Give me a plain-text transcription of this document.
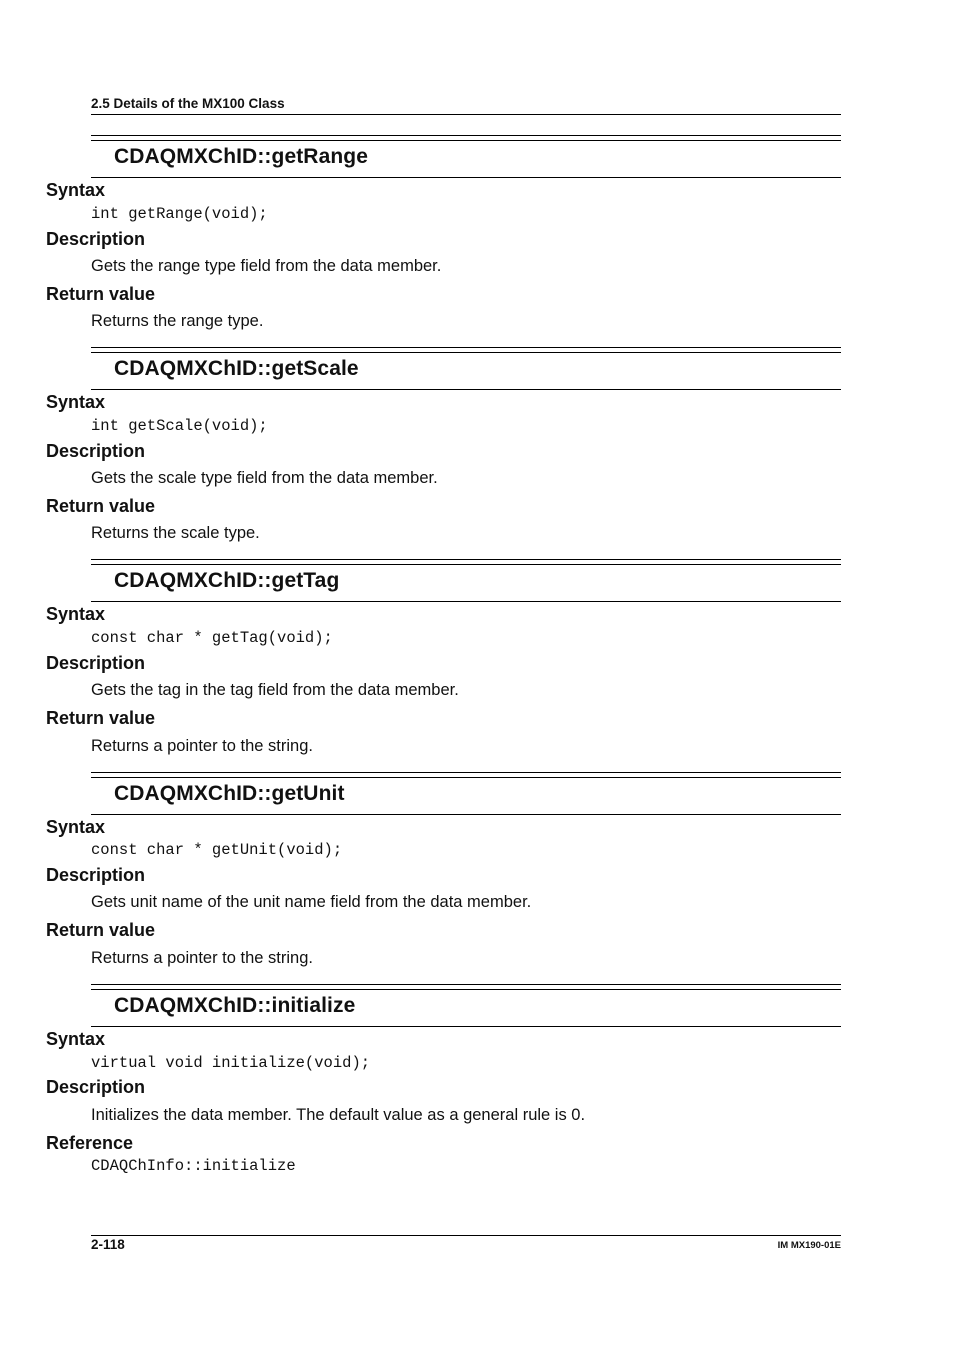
2.5 Details of the MX100 Class
CDAQMXChID::getRange
Syntax
int getRange(void);
Description
Gets the range type field from the data member.
Return value
Returns the range type.
CDAQMXChID::getScale
Syntax
int getScale(void);
Description
Gets the scale type field from the data member.
Return value
Returns the scale type.
CDAQMXChID::getTag
Syntax
const char * getTag(void);
Description
Gets the tag in the tag field from the data member.
Return value
Returns a pointer to the string.
CDAQMXChID::getUnit
Syntax
const char * getUnit(void);
Description
Gets unit name of the unit name field from the data member.
Return value
Returns a pointer to the string.
CDAQMXChID::initialize
Syntax
virtual void initialize(void);
Description
Initializes the data member. The default value as a general rule is 0.
Reference
CDAQChInfo::initialize
2-118	IM MX190-01E
